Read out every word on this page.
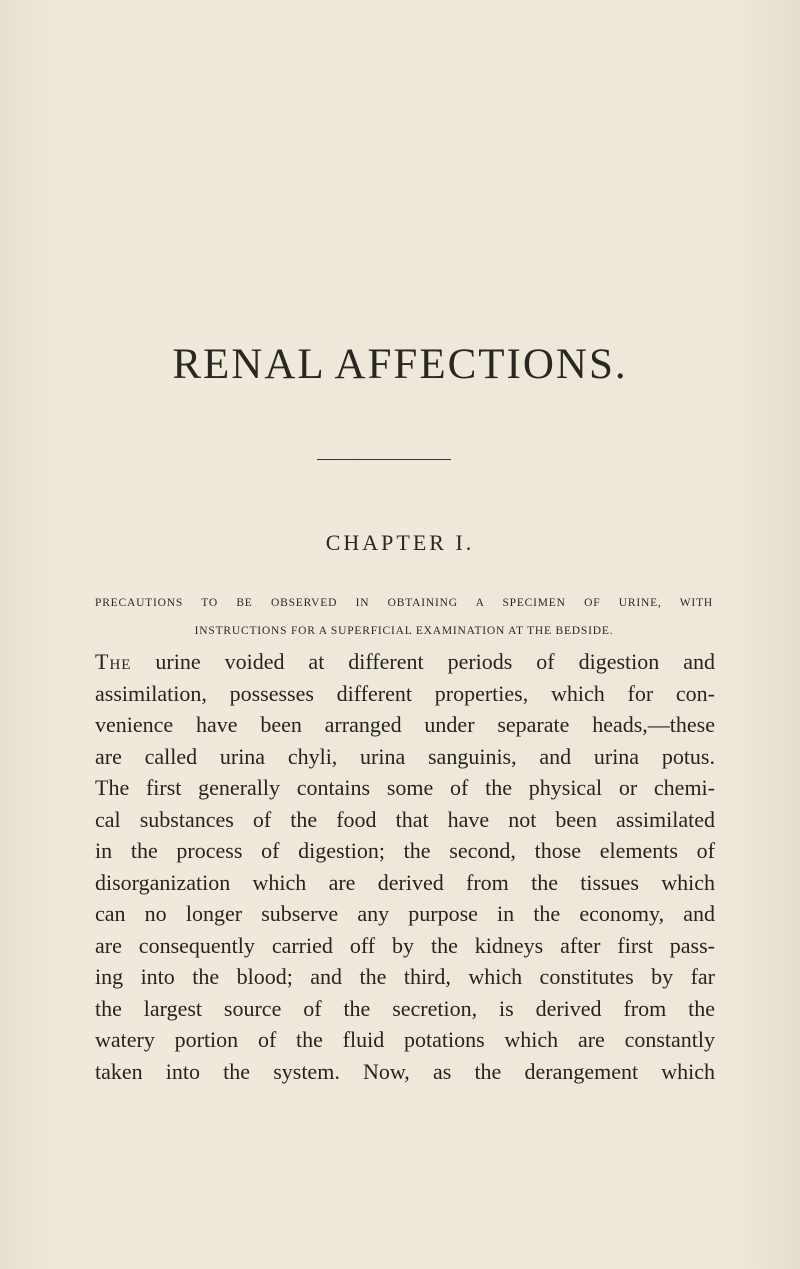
RENAL AFFECTIONS.
CHAPTER I.
PRECAUTIONS TO BE OBSERVED IN OBTAINING A SPECIMEN OF URINE, WITH
INSTRUCTIONS FOR A SUPERFICIAL EXAMINATION AT THE BEDSIDE.
The urine voided at different periods of digestion and
assimilation, possesses different properties, which for con-
venience have been arranged under separate heads,—these
are called urina chyli, urina sanguinis, and urina potus.
The first generally contains some of the physical or chemi-
cal substances of the food that have not been assimilated
in the process of digestion; the second, those elements of
disorganization which are derived from the tissues which
can no longer subserve any purpose in the economy, and
are consequently carried off by the kidneys after first pass-
ing into the blood; and the third, which constitutes by far
the largest source of the secretion, is derived from the
watery portion of the fluid potations which are constantly
taken into the system. Now, as the derangement which
